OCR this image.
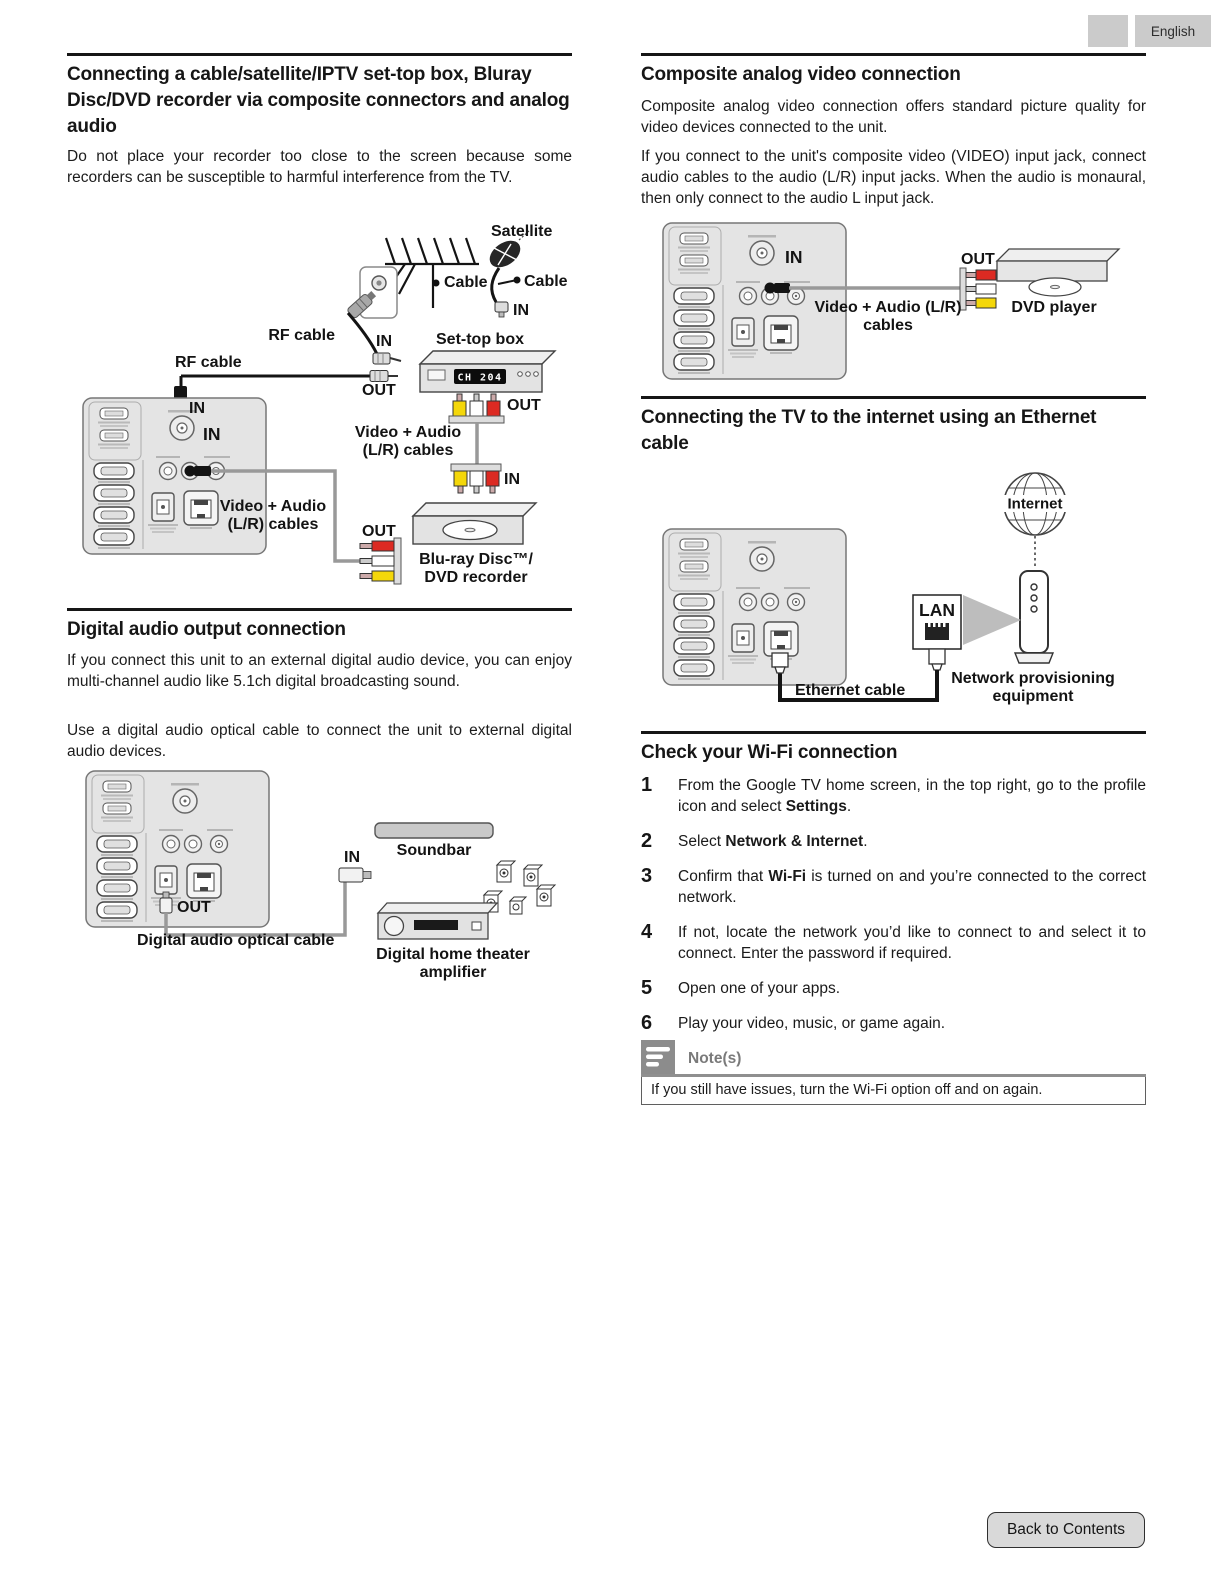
English
Connecting a cable/satellite/IPTV set-top box, Bluray Disc/DVD recorder via composite connectors and analog audio

Do not place your recorder too close to the screen because some recorders can be susceptible to harmful interference from the TV.

CH 204
Satellite
Cable Cable
IN
RF cable	IN	Set-top box
RF cable
OUT
OUT
Video + Audio
(L/R) cables
IN
Blu-ray Disc™/
DVD recorder
IN
IN
Video + Audio
(L/R) cables	OUT
Digital audio output connection

If you connect this unit to an external digital audio device, you can enjoy multi-channel audio like 5.1ch digital broadcasting sound.

Use a digital audio optical cable to connect the unit to external digital audio devices.

IN Soundbar
OUT
Digital audio optical cable
Digital home theater
amplifier
Composite analog video connection

Composite analog video connection offers standard picture quality for video devices connected to the unit.

If you connect to the unit's composite video (VIDEO) input jack, connect audio cables to the audio (L/R) input jacks. When the audio is monaural, then only connect to the audio L input jack.

IN	OUT
Video + Audio (L/R)
cables
DVD player
Connecting the TV to the internet using an Ethernet cable
Internet
LAN
Ethernet cable
Network provisioning
equipment
Check your Wi-Fi connection
1	From the Google TV home screen, in the top right, go to the profile icon and select Settings.
2	Select Network & Internet.
3	Confirm that Wi-Fi is turned on and you’re connected to the correct network.
4	If not, locate the network you’d like to connect to and select it to connect. Enter the password if required.
5	Open one of your apps.
6	Play your video, music, or game again.
Note(s)
If you still have issues, turn the Wi-Fi option off and on again.
Back to Contents
